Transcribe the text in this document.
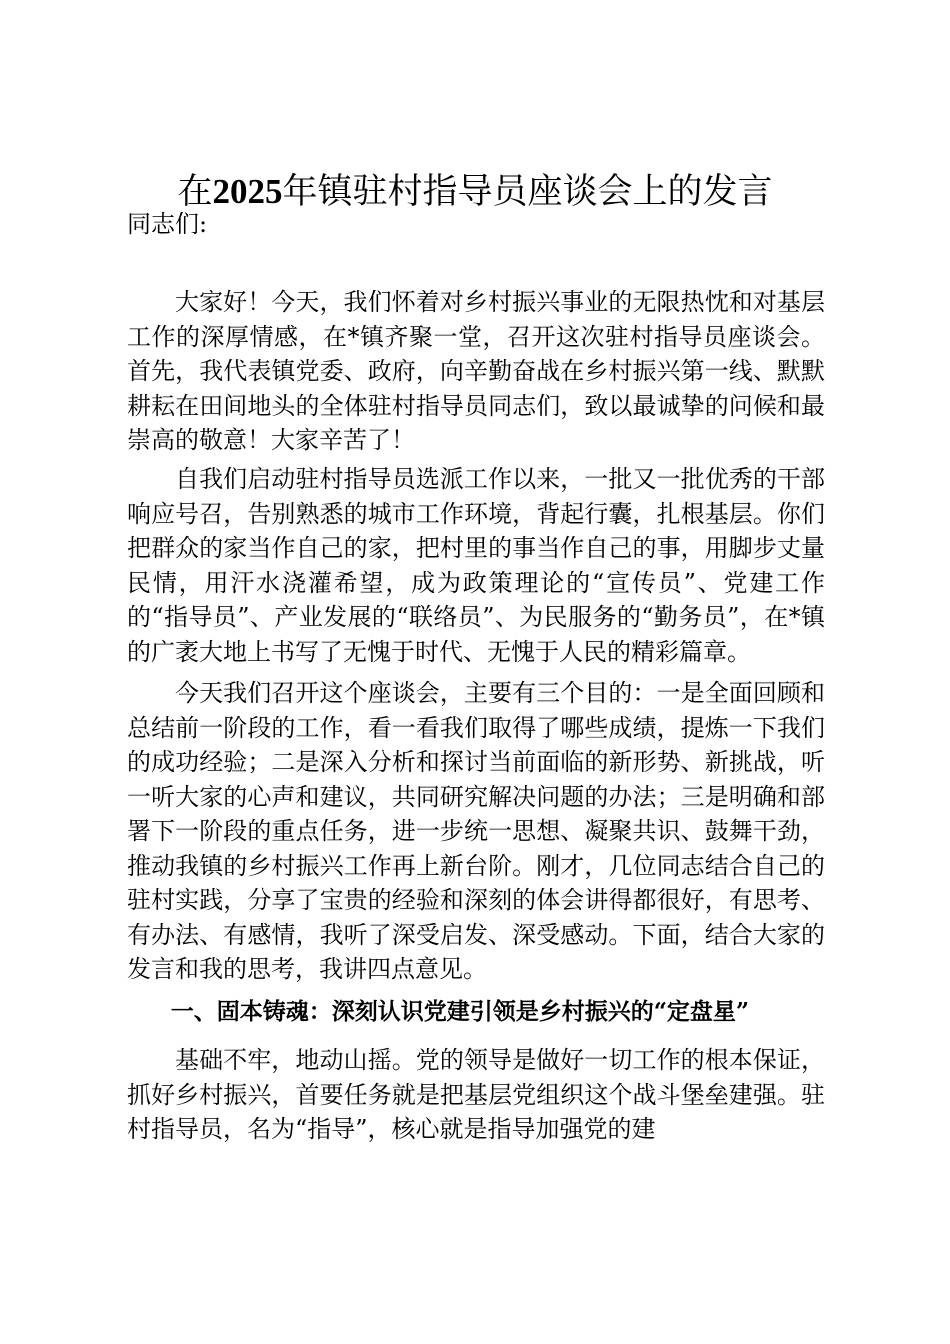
在2025年镇驻村指导员座谈会上的发言

同志们:

大家好！今天，我们怀着对乡村振兴事业的无限热忱和对基层工作的深厚情感，在*镇齐聚一堂，召开这次驻村指导员座谈会。首先，我代表镇党委、政府，向辛勤奋战在乡村振兴第一线、默默耕耘在田间地头的全体驻村指导员同志们，致以最诚挚的问候和最崇高的敬意！大家辛苦了！

自我们启动驻村指导员选派工作以来，一批又一批优秀的干部响应号召，告别熟悉的城市工作环境，背起行囊，扎根基层。你们把群众的家当作自己的家，把村里的事当作自己的事，用脚步丈量民情，用汗水浇灌希望，成为政策理论的“宣传员”、党建工作的“指导员”、产业发展的“联络员”、为民服务的“勤务员”，在*镇的广袤大地上书写了无愧于时代、无愧于人民的精彩篇章。

今天我们召开这个座谈会，主要有三个目的：一是全面回顾和总结前一阶段的工作，看一看我们取得了哪些成绩，提炼一下我们的成功经验；二是深入分析和探讨当前面临的新形势、新挑战，听一听大家的心声和建议，共同研究解决问题的办法；三是明确和部署下一阶段的重点任务，进一步统一思想、凝聚共识、鼓舞干劲，推动我镇的乡村振兴工作再上新台阶。刚才，几位同志结合自己的驻村实践，分享了宝贵的经验和深刻的体会讲得都很好，有思考、有办法、有感情，我听了深受启发、深受感动。下面，结合大家的发言和我的思考，我讲四点意见。

一、固本铸魂：深刻认识党建引领是乡村振兴的“定盘星”

基础不牢，地动山摇。党的领导是做好一切工作的根本保证，抓好乡村振兴，首要任务就是把基层党组织这个战斗堡垒建强。驻村指导员，名为“指导”，核心就是指导加强党的建
